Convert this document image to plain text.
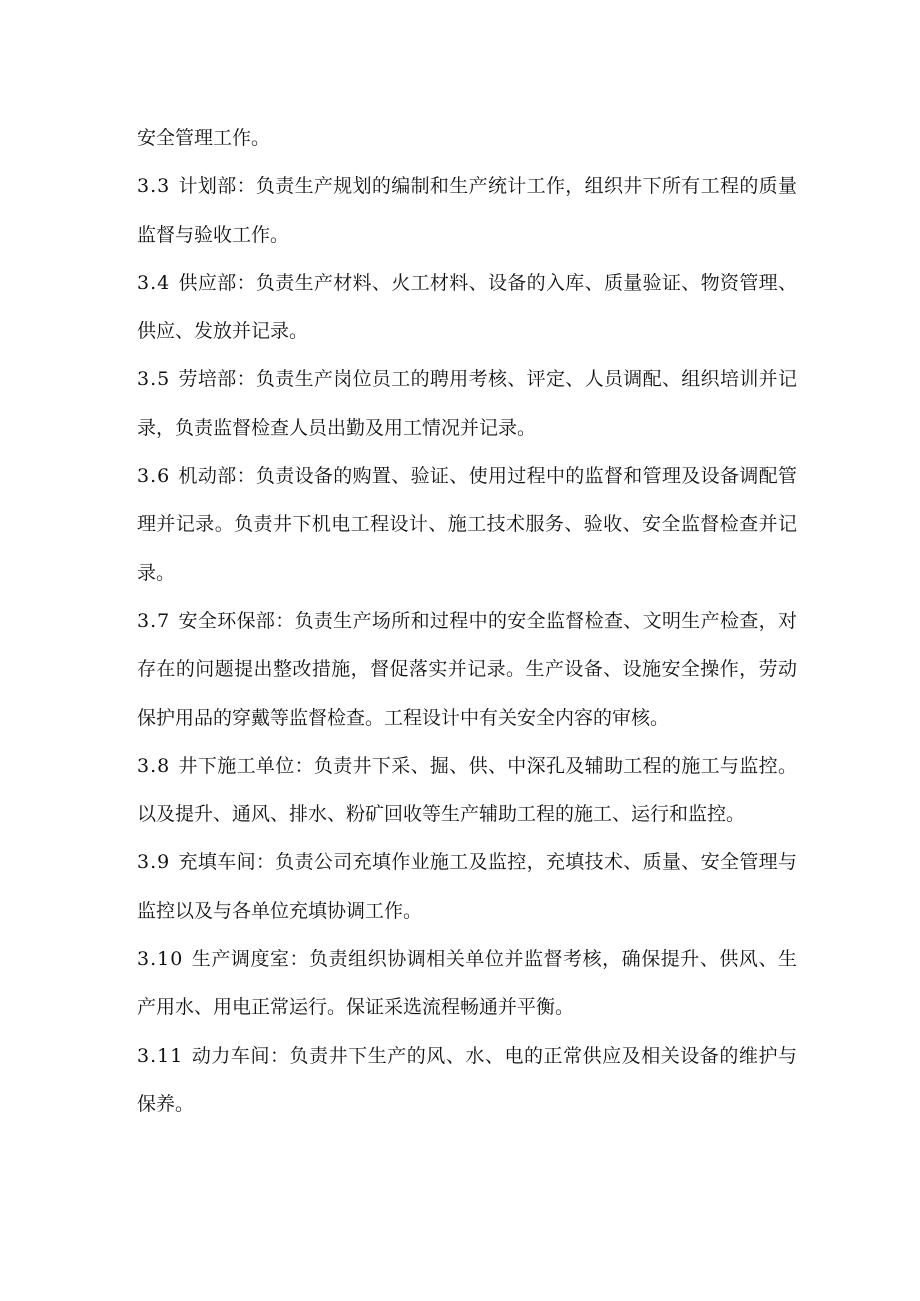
安全管理工作。

3.3 计划部：负责生产规划的编制和生产统计工作，组织井下所有工程的质量监督与验收工作。

3.4 供应部：负责生产材料、火工材料、设备的入库、质量验证、物资管理、供应、发放并记录。

3.5 劳培部：负责生产岗位员工的聘用考核、评定、人员调配、组织培训并记录，负责监督检查人员出勤及用工情况并记录。

3.6 机动部：负责设备的购置、验证、使用过程中的监督和管理及设备调配管理并记录。负责井下机电工程设计、施工技术服务、验收、安全监督检查并记录。

3.7 安全环保部：负责生产场所和过程中的安全监督检查、文明生产检查，对存在的问题提出整改措施，督促落实并记录。生产设备、设施安全操作，劳动保护用品的穿戴等监督检查。工程设计中有关安全内容的审核。

3.8 井下施工单位：负责井下采、掘、供、中深孔及辅助工程的施工与监控。以及提升、通风、排水、粉矿回收等生产辅助工程的施工、运行和监控。

3.9 充填车间：负责公司充填作业施工及监控，充填技术、质量、安全管理与监控以及与各单位充填协调工作。

3.10 生产调度室：负责组织协调相关单位并监督考核，确保提升、供风、生产用水、用电正常运行。保证采选流程畅通并平衡。

3.11 动力车间：负责井下生产的风、水、电的正常供应及相关设备的维护与保养。
